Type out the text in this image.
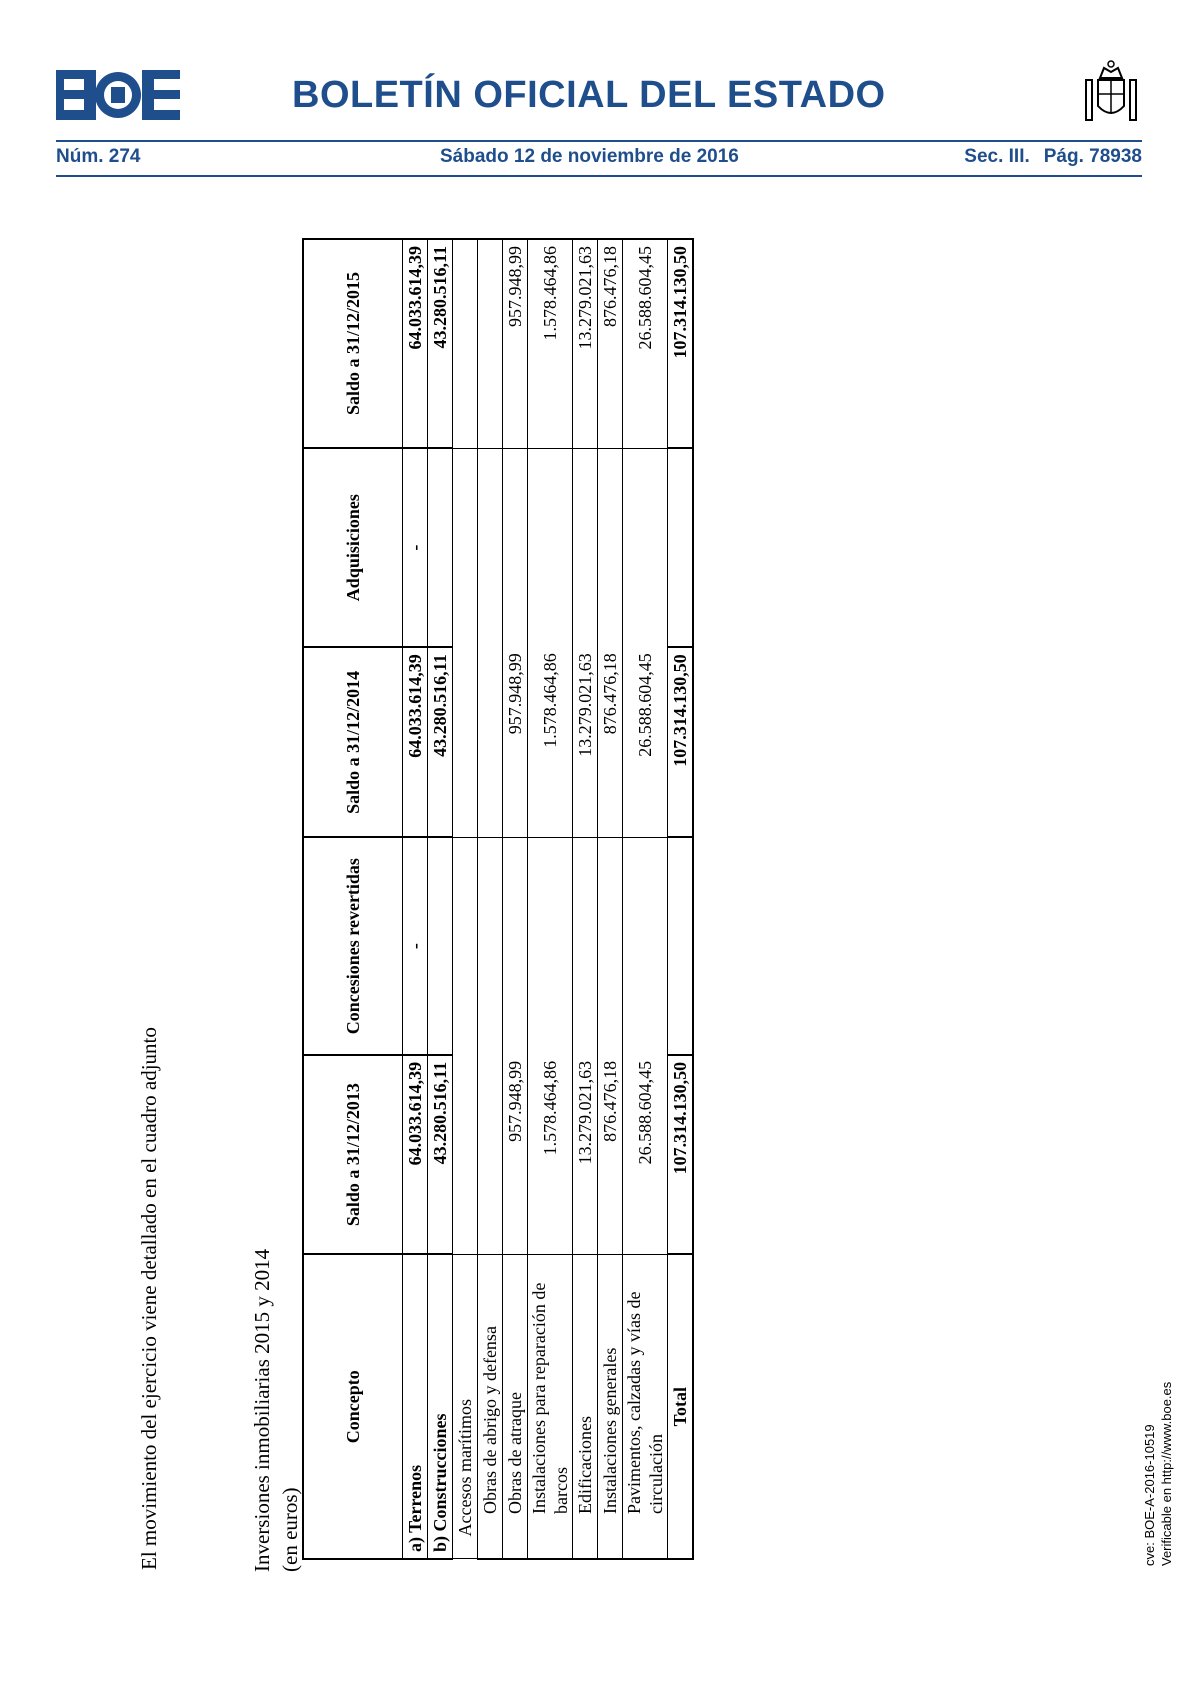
BOLETÍN OFICIAL DEL ESTADO
Núm. 274	Sábado 12 de noviembre de 2016	Sec. III. Pág. 78938
El movimiento del ejercicio viene detallado en el cuadro adjunto	Inversiones inmobiliarias 2015 y 2014 (en euros)
Concepto	Saldo a 31/12/2013	Concesiones revertidas	Saldo a 31/12/2014	Adquisiciones	Saldo a 31/12/2015
a) Terrenos	64.033.614,39	-	64.033.614,39	-	64.033.614,39
b) Construcciones	43.280.516,11		43.280.516,11		43.280.516,11
Accesos marítimos					
Obras de abrigo y defensa					
Obras de atraque	957.948,99		957.948,99		957.948,99
Instalaciones para reparación de barcos	1.578.464,86		1.578.464,86		1.578.464,86
Edificaciones	13.279.021,63		13.279.021,63		13.279.021,63
Instalaciones generales	876.476,18		876.476,18		876.476,18
Pavimentos, calzadas y vías de circulación	26.588.604,45		26.588.604,45		26.588.604,45
Total	107.314.130,50		107.314.130,50		107.314.130,50
cve: BOE-A-2016-10519 Verificable en http://www.boe.es
